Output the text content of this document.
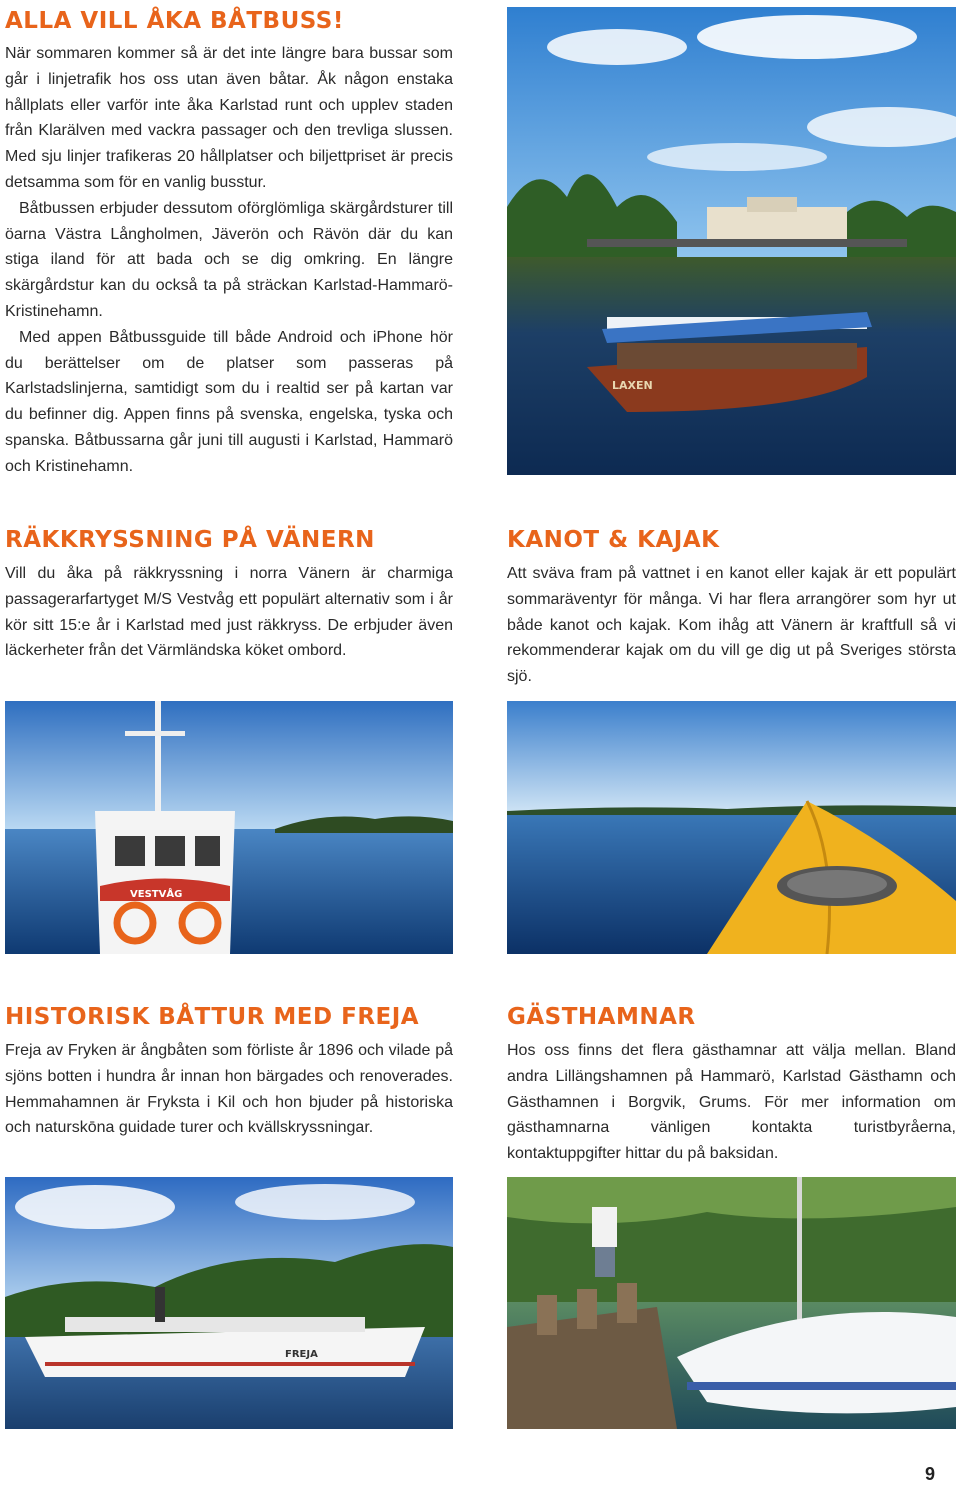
ALLA VILL ÅKA BÅTBUSS!

När sommaren kommer så är det inte längre bara bussar som går i linjetrafik hos oss utan även båtar. Åk någon enstaka hållplats eller varför inte åka Karlstad runt och upplev staden från Klarälven med vackra passager och den trevliga slussen. Med sju linjer trafikeras 20 hållplatser och biljettpriset är precis detsamma som för en vanlig busstur.

Båtbussen erbjuder dessutom oförglömliga skärgårdsturer till öarna Västra Långholmen, Jäverön och Rävön där du kan stiga iland för att bada och se dig omkring. En längre skärgårdstur kan du också ta på sträckan Karlstad-Hammarö-Kristinehamn.

Med appen Båtbussguide till både Android och iPhone hör du berättelser om de platser som passeras på Karlstadslinjerna, samtidigt som du i realtid ser på kartan var du befinner dig. Appen finns på svenska, engelska, tyska och spanska. Båtbussarna går juni till augusti i Karlstad, Hammarö och Kristinehamn.

LAXEN
RÄKKRYSSNING PÅ VÄNERN

Vill du åka på räkkryssning i norra Vänern är charmiga passagerarfartyget M/S Vestvåg ett populärt alternativ som i år kör sitt 15:e år i Karlstad med just räkkryss. De erbjuder även läckerheter från det Värmländska köket ombord.

KANOT & KAJAK

Att sväva fram på vattnet i en kanot eller kajak är ett populärt sommaräventyr för många. Vi har flera arrangörer som hyr ut både kanot och kajak. Kom ihåg att Vänern är kraftfull så vi rekommenderar kajak om du vill ge dig ut på Sveriges största sjö.

VESTVÅG
HISTORISK BÅTTUR MED FREJA

Freja av Fryken är ångbåten som förliste år 1896 och vilade på sjöns botten i hundra år innan hon bärgades och renoverades. Hemmahamnen är Fryksta i Kil och hon bjuder på historiska och naturskōna guidade turer och kvällskryssningar.

GÄSTHAMNAR

Hos oss finns det flera gästhamnar att välja mellan. Bland andra Lillängshamnen på Hammarö, Karlstad Gästhamn och Gästhamnen i Borgvik, Grums. För mer information om gästhamnarna vänligen kontakta turistbyråerna, kontaktuppgifter hittar du på baksidan.

FREJA
9
